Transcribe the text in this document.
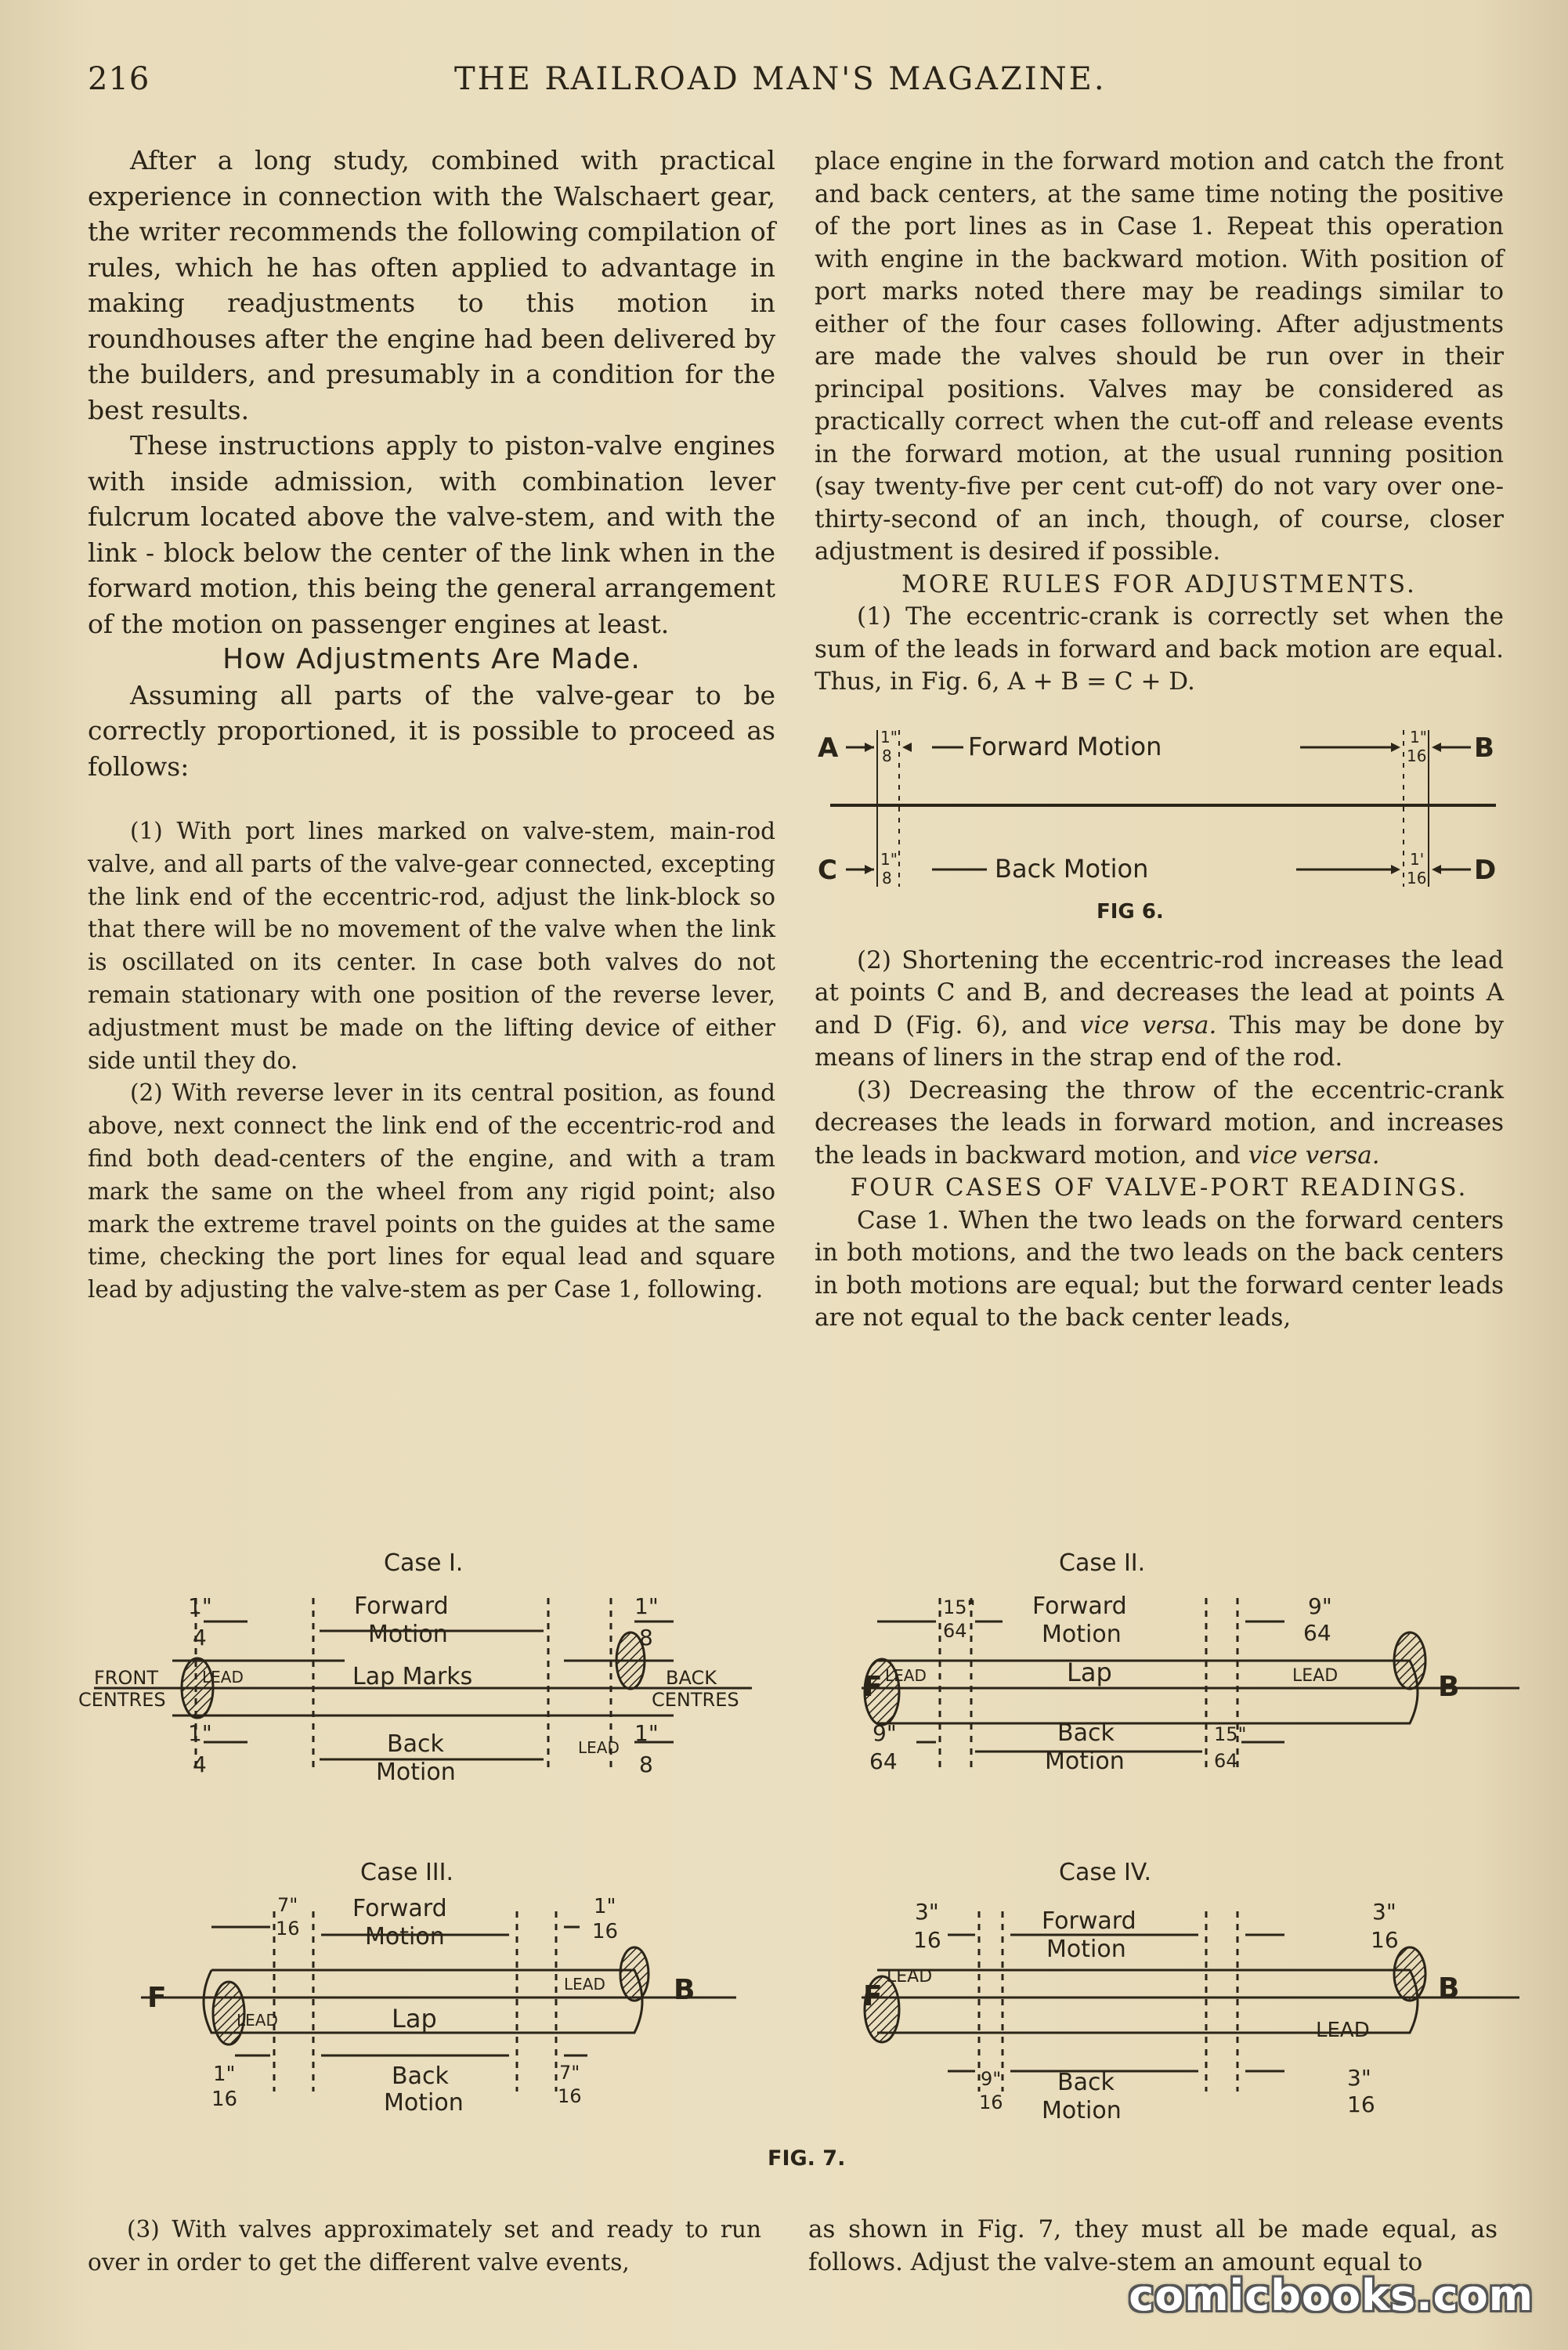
216	THE RAILROAD MAN'S MAGAZINE.

After a long study, combined with practical experience in connection with the Walschaert gear, the writer recommends the following compilation of rules, which he has often applied to advantage in making readjustments to this motion in roundhouses after the engine had been delivered by the builders, and presumably in a condition for the best results.

These instructions apply to piston-valve engines with inside admission, with combination lever fulcrum located above the valve-stem, and with the link - block below the center of the link when in the forward motion, this being the general arrangement of the motion on passenger engines at least.

How Adjustments Are Made.

Assuming all parts of the valve-gear to be correctly proportioned, it is possible to proceed as follows:

(1) With port lines marked on valve-stem, main-rod valve, and all parts of the valve-gear connected, excepting the link end of the eccentric-rod, adjust the link-block so that there will be no movement of the valve when the link is oscillated on its center. In case both valves do not remain stationary with one position of the reverse lever, adjustment must be made on the lifting device of either side until they do.

(2) With reverse lever in its central position, as found above, next connect the link end of the eccentric-rod and find both dead-centers of the engine, and with a tram mark the same on the wheel from any rigid point; also mark the extreme travel points on the guides at the same time, checking the port lines for equal lead and square lead by adjusting the valve-stem as per Case 1, following.

place engine in the forward motion and catch the front and back centers, at the same time noting the positive of the port lines as in Case 1. Repeat this operation with engine in the backward motion. With position of port marks noted there may be readings similar to either of the four cases following. After adjustments are made the valves should be run over in their principal positions. Valves may be considered as practically correct when the cut-off and release events in the forward motion, at the usual running position (say twenty-five per cent cut-off) do not vary over one-thirty-second of an inch, though, of course, closer adjustment is desired if possible.

MORE RULES FOR ADJUSTMENTS.

(1) The eccentric-crank is correctly set when the sum of the leads in forward and back motion are equal. Thus, in Fig. 6, A + B = C + D.

A	B
C	D
Forward Motion
Back Motion
1"
8
1"
8
1"
16
1'
16
FIG 6.

(2) Shortening the eccentric-rod increases the lead at points C and B, and decreases the lead at points A and D (Fig. 6), and vice versa. This may be done by means of liners in the strap end of the rod.

(3) Decreasing the throw of the eccentric-crank decreases the leads in forward motion, and increases the leads in backward motion, and vice versa.

FOUR CASES OF VALVE-PORT READINGS.

Case 1. When the two leads on the forward centers in both motions, and the two leads on the back centers in both motions are equal; but the forward center leads are not equal to the back center leads,

Case I.
Forward
Motion
Lap Marks
Back
Motion
FRONT
CENTRES
BACK
CENTRES
LEAD
LEAD
1"
4
1"
4
1"
8
1"
8
Case II.
F	B
Forward
Motion
Lap
Back
Motion
LEAD	LEAD
15"
64
9"
64
9"
64
15"
64
Case III.
F	B
Forward
Motion
Lap
Back
Motion
LEAD
LEAD
7"
16
1"
16
1"
16
7"
16
Case IV.
F	B
Forward
Motion
Back
Motion
LEAD
LEAD
3"
16
3"
16
9"
16
3"
16
FIG. 7.
(3) With valves approximately set and ready to run over in order to get the different valve events,
as shown in Fig. 7, they must all be made equal, as follows. Adjust the valve-stem an amount equal to
comicbooks.com
